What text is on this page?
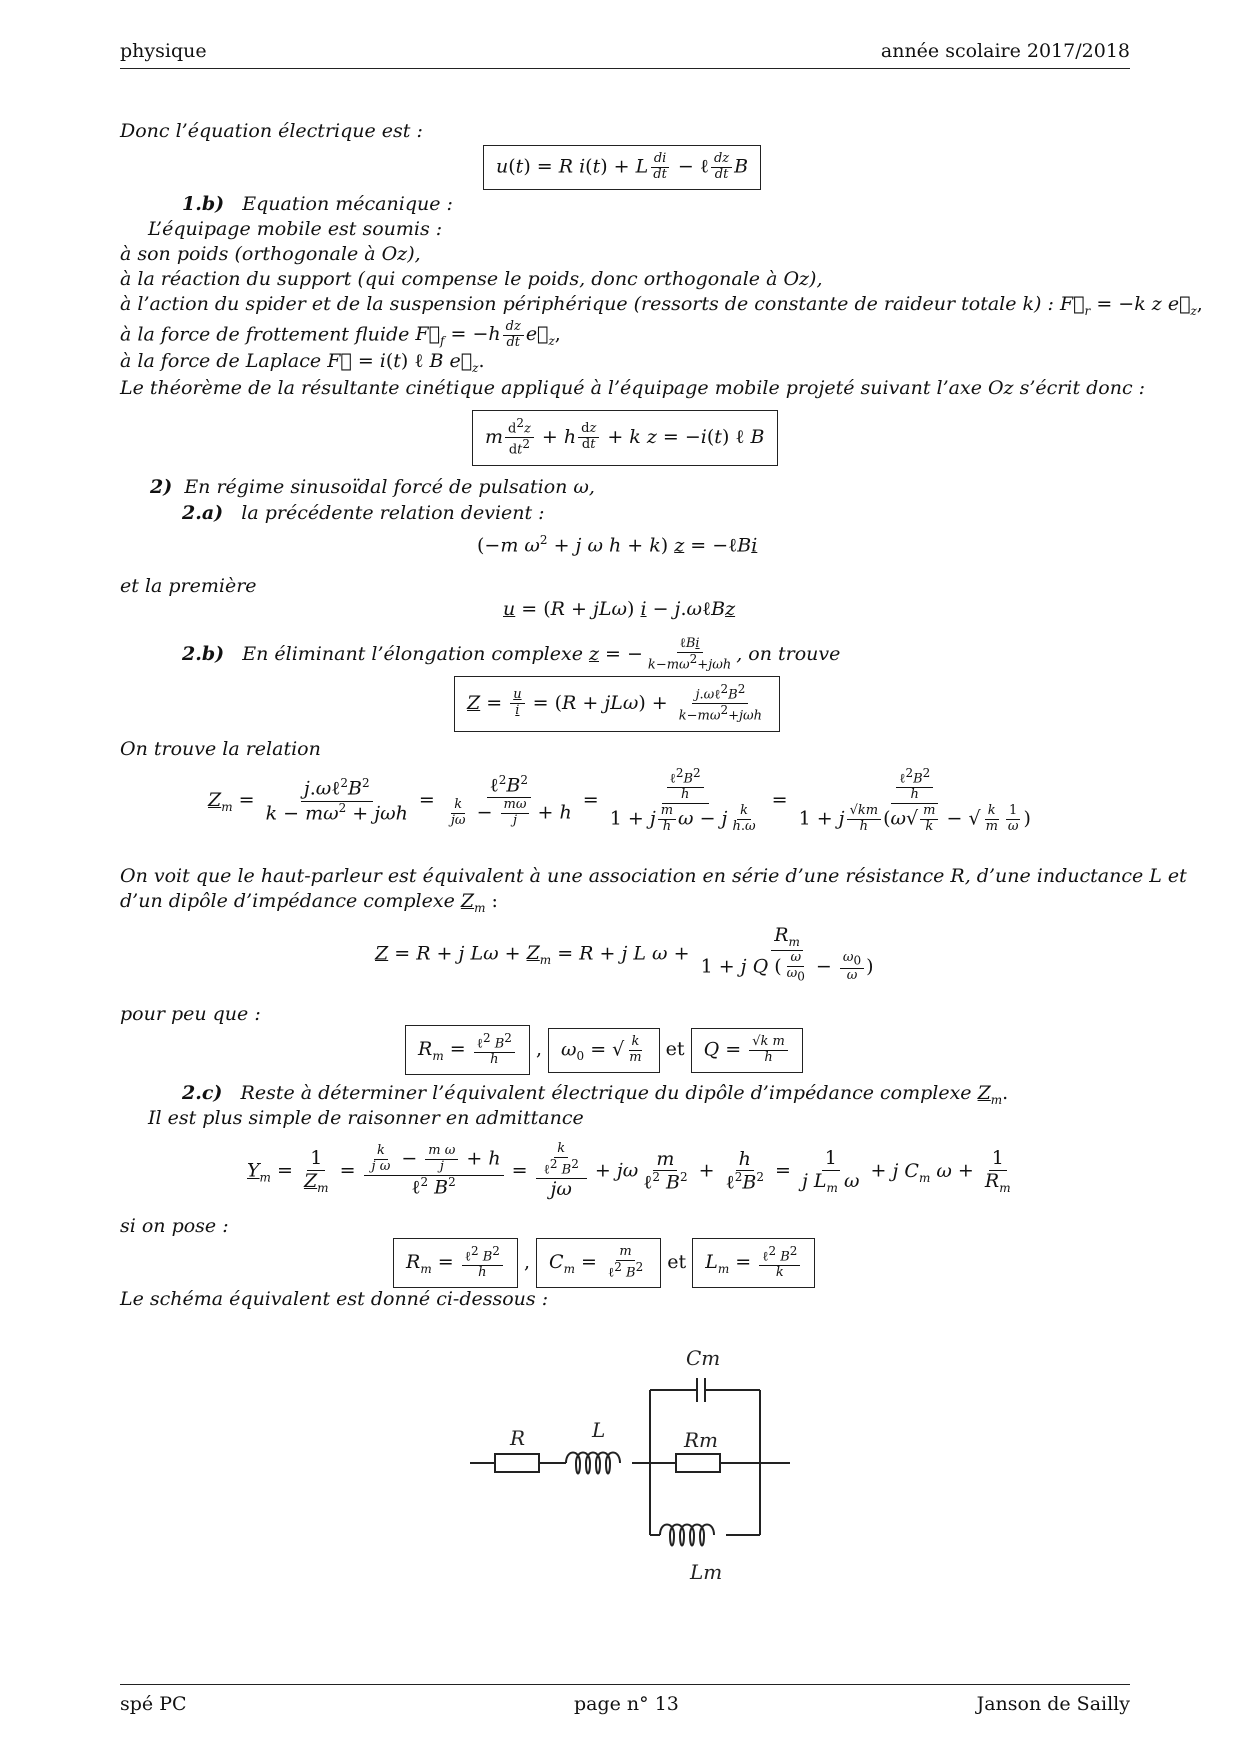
physique	année scolaire 2017/2018
Donc l’équation électrique est :
u(t) = R i(t) + L $\frac{di}{dt}$ − ℓ $\frac{dz}{dt}$ B
1.b) Equation mécanique :
L’équipage mobile est soumis :
à son poids (orthogonale à Oz),
à la réaction du support (qui compense le poids, donc orthogonale à Oz),
à l’action du spider et de la suspension périphérique (ressorts de constante de raideur totale k) : $F⃗_r = -k$ z $e⃗_z$,
à la force de frottement fluide $F⃗_f = -h \frac{dz}{dt}$ $e⃗_z$,
à la force de Laplace F⃗ = i(t) ℓ B $e⃗_z$.
Le théorème de la résultante cinétique appliqué à l’équipage mobile projeté suivant l’axe Oz s’écrit donc :
m $\frac{d^2z}{dt^2} + h \frac{dz}{dt} + k$ z = −i(t) ℓ B
2) En régime sinusoïdal forcé de pulsation ω,
2.a) la précédente relation devient :
(−m $\omega^2 + j$ ω h + k) z = −ℓBi
et la première
u = (R + jLω) i − j.ωℓBz
2.b) En éliminant l’élongation complexe z = − $\frac{\text{ℓBi}}{k-m\omega^2+j\omega h}$ , on trouve
$Z = \frac{u}{i} = (R + jL\omega) + \frac{j.\omega\ell^2B^2}{k-m\omega^2+j\omega h}$
On trouve la relation
$Z_m = \frac{j.\omega\ell^2B^2}{k - m\omega^2 + j\omega h} = \frac{\ell^2B^2}{\frac{k}{j\omega} - \frac{m\omega}{j} + h} = \frac{\frac{\ell^2B^2}{h}}{1 + j \frac{m}{h} \omega - j \frac{k}{h.\omega}} = \frac{\frac{\ell^2B^2}{h}}{1 + j \frac{√km}{h} (\omega√ \frac{m}{k} - √ \frac{k}{m} \frac{1}{\omega} )}$
On voit que le haut-parleur est équivalent à une association en série d’une résistance R, d’une inductance L et
d’un dipôle d’impédance complexe $Z_m$ :
Z = R + j $L\omega + Z_m = R + j$ L $\omega + \frac{R_m}{1 + j Q ( \frac{\omega}{\omega_0} - \frac{\omega_0}{\omega} )}$
pour peu que :
$R_m = \frac{\ell^2 B^2}{h}$ , $\omega_0$ = √ $\frac{k}{m}$ et $Q = \frac{\text{√k m}}{h}$
2.c) Reste à déterminer l’équivalent électrique du dipôle d’impédance complexe $Z_m$.
Il est plus simple de raisonner en admittance
$Y_m = \frac{1}{Z_m} = \frac{\frac{k}{\text{j ω}} - \frac{\text{m ω}}{j} + h}{\ell^2 B^2} = \frac{\frac{k}{\ell^2 B^2}}{j\omega} + j\omega \frac{m}{\ell^2 B^2} + \frac{h}{\ell^2B^2} = \frac{1}{j L_m \omega} + j$ $C_m$ $\omega + \frac{1}{R_m}$
si on pose :
$R_m = \frac{\ell^2 B^2}{h}$ , $C_m = \frac{m}{\ell^2 B^2}$ et $L_m = \frac{\ell^2 B^2}{k}$
Le schéma équivalent est donné ci-dessous :
R	L
Cm
Rm
Lm
spé PC	page n° 13	Janson de Sailly
